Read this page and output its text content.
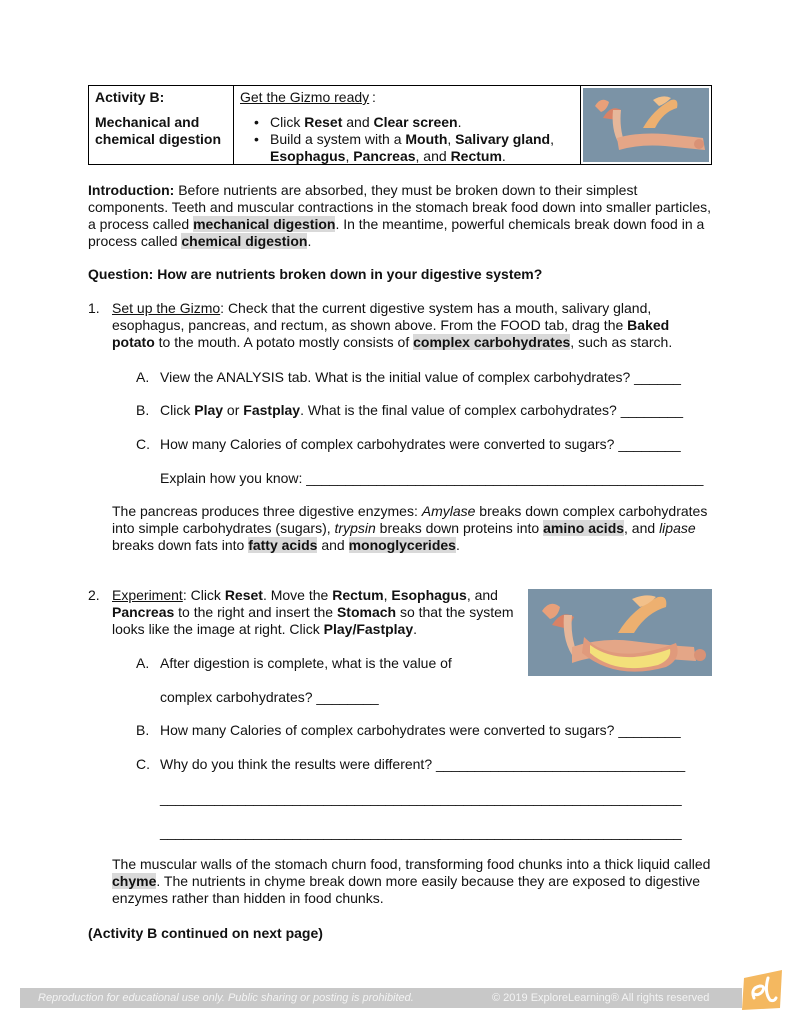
Activity B:
Mechanical and chemical digestion
Get the Gizmo ready :
• Click Reset and Clear screen.
• Build a system with a Mouth, Salivary gland,
Esophagus, Pancreas, and Rectum.
Introduction: Before nutrients are absorbed, they must be broken down to their simplest components. Teeth and muscular contractions in the stomach break food down into smaller particles, a process called mechanical digestion. In the meantime, powerful chemicals break down food in a process called chemical digestion.
Question: How are nutrients broken down in your digestive system?
1. Set up the Gizmo: Check that the current digestive system has a mouth, salivary gland, esophagus, pancreas, and rectum, as shown above. From the FOOD tab, drag the Baked potato to the mouth. A potato mostly consists of complex carbohydrates, such as starch.
A. View the ANALYSIS tab. What is the initial value of complex carbohydrates? ______
B. Click Play or Fastplay. What is the final value of complex carbohydrates? ________
C. How many Calories of complex carbohydrates were converted to sugars? ________
Explain how you know: ___________________________________________________
The pancreas produces three digestive enzymes: Amylase breaks down complex carbohydrates into simple carbohydrates (sugars), trypsin breaks down proteins into amino acids, and lipase breaks down fats into fatty acids and monoglycerides.
2. Experiment: Click Reset. Move the Rectum, Esophagus, and Pancreas to the right and insert the Stomach so that the system looks like the image at right. Click Play/Fastplay.
A. After digestion is complete, what is the value of
complex carbohydrates? ________
B. How many Calories of complex carbohydrates were converted to sugars? ________
C. Why do you think the results were different? ________________________________
___________________________________________________________________
___________________________________________________________________
The muscular walls of the stomach churn food, transforming food chunks into a thick liquid called chyme. The nutrients in chyme break down more easily because they are exposed to digestive enzymes rather than hidden in food chunks.
(Activity B continued on next page)
Reproduction for educational use only. Public sharing or posting is prohibited.	© 2019 ExploreLearning® All rights reserved
